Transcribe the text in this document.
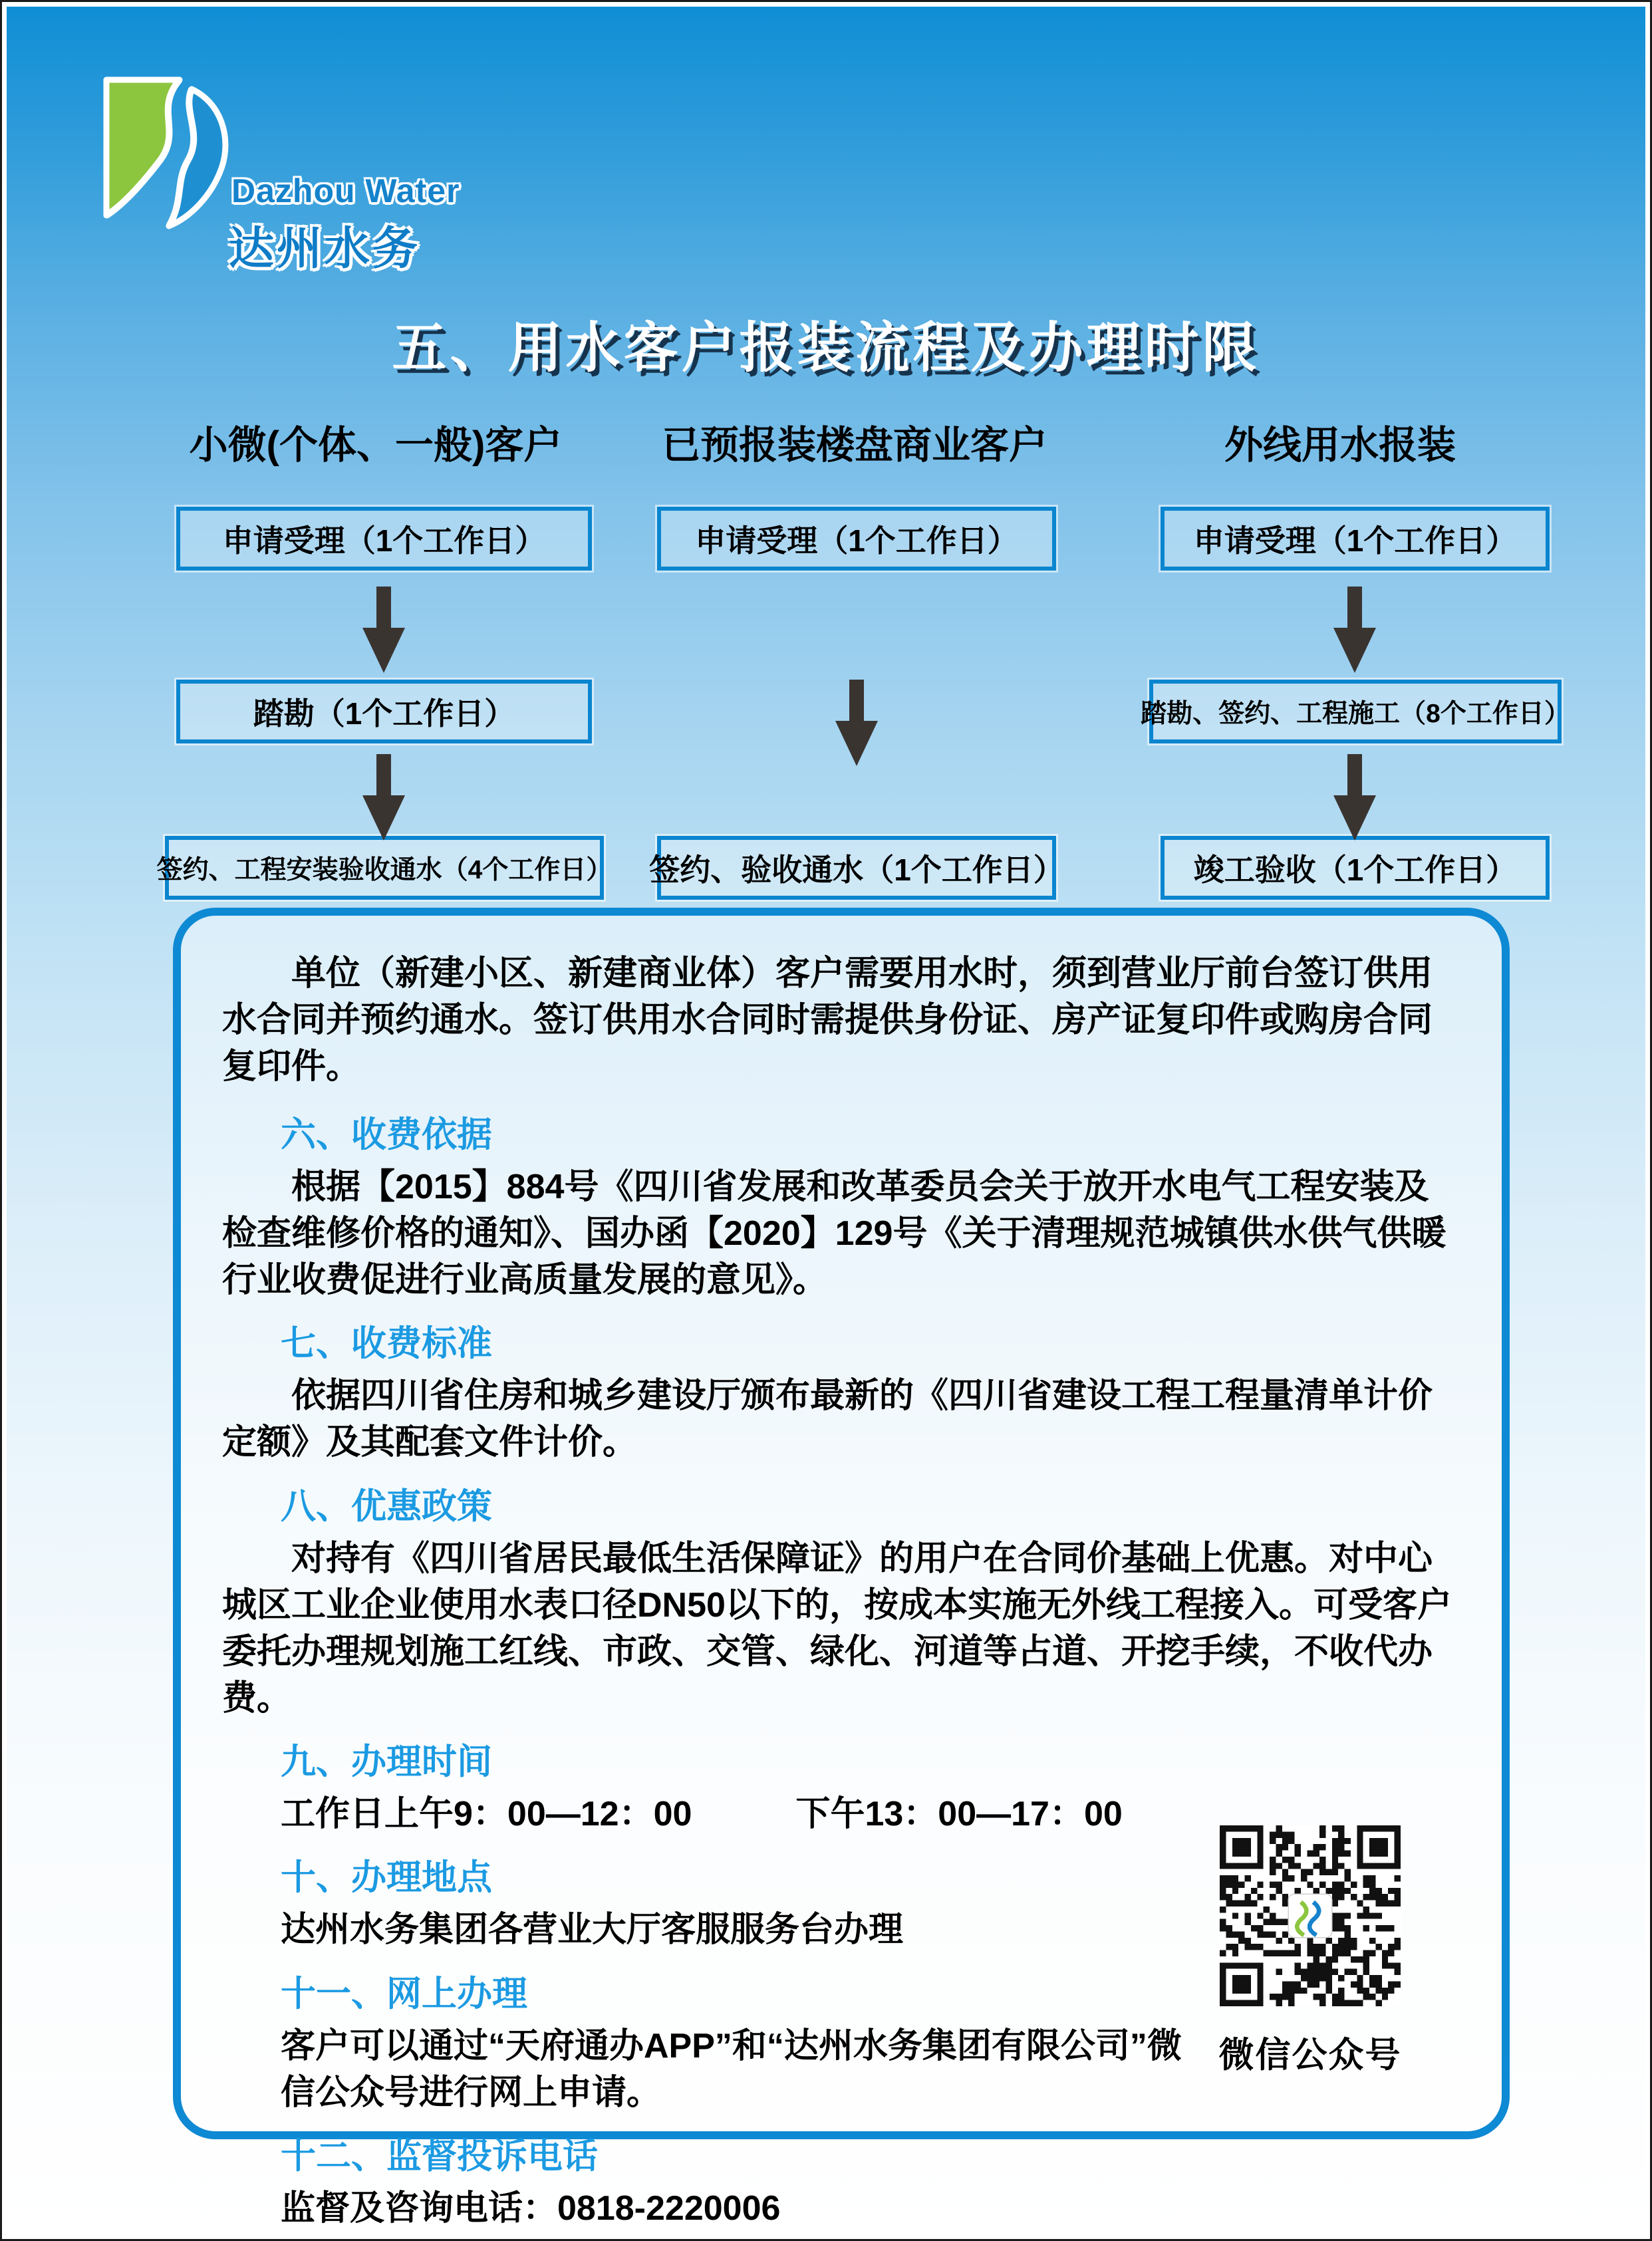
Dazhou Water
达州水务
五、用水客户报装流程及办理时限
小微(个体、一般)客户	已预报装楼盘商业客户	外线用水报装
申请受理（1个工作日）
踏勘（1个工作日）
签约、工程安装验收通水（4个工作日）
申请受理（1个工作日）
签约、验收通水（1个工作日）
申请受理（1个工作日）
踏勘、签约、工程施工（8个工作日）
竣工验收（1个工作日）

单位（新建小区、新建商业体）客户需要用水时，须到营业厅前台签订供用水合同并预约通水。签订供用水合同时需提供身份证、房产证复印件或购房合同复印件。

六、收费依据

根据【2015】884号《四川省发展和改革委员会关于放开水电气工程安装及检查维修价格的通知》、国办函【2020】129号《关于清理规范城镇供水供气供暖行业收费促进行业高质量发展的意见》。

七、收费标准

依据四川省住房和城乡建设厅颁布最新的《四川省建设工程工程量清单计价定额》及其配套文件计价。

八、优惠政策

对持有《四川省居民最低生活保障证》的用户在合同价基础上优惠。对中心城区工业企业使用水表口径DN50以下的，按成本实施无外线工程接入。可受客户委托办理规划施工红线、市政、交管、绿化、河道等占道、开挖手续，不收代办费。

九、办理时间

工作日上午9：00—12：00　　　下午13：00—17：00

十、办理地点

达州水务集团各营业大厅客服服务台办理

十一、网上办理

客户可以通过“天府通办APP”和“达州水务集团有限公司”微信公众号进行网上申请。

十二、监督投诉电话

监督及咨询电话：0818-2220006

微信公众号
